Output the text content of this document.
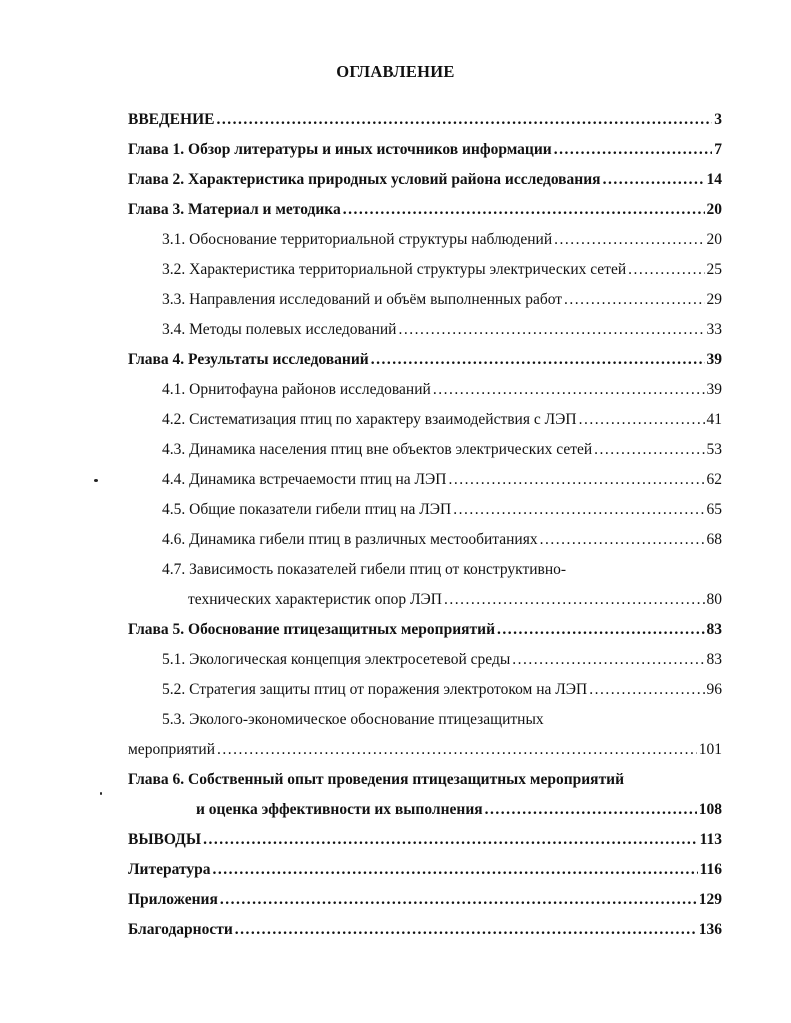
ОГЛАВЛЕНИЕ
ВВЕДЕНИЕ .....	3
Глава 1. Обзор литературы и иных источников информации .....	7
Глава 2. Характеристика природных условий района исследования .....	14
Глава 3. Материал и методика .....	20
3.1. Обоснование территориальной структуры наблюдений .....	20
3.2. Характеристика территориальной структуры электрических сетей .....	25
3.3. Направления исследований и объём выполненных работ .....	29
3.4. Методы полевых исследований .....	33
Глава 4. Результаты исследований .....	39
4.1. Орнитофауна районов исследований .....	39
4.2. Систематизация птиц по характеру взаимодействия с ЛЭП .....	41
4.3. Динамика населения птиц вне объектов электрических сетей .....	53
4.4. Динамика встречаемости птиц на ЛЭП .....	62
4.5. Общие показатели гибели птиц на ЛЭП .....	65
4.6. Динамика гибели птиц в различных местообитаниях .....	68
4.7. Зависимость показателей гибели птиц от конструктивно-
технических характеристик опор ЛЭП .....	80
Глава 5. Обоснование птицезащитных мероприятий .....	83
5.1. Экологическая концепция электросетевой среды .....	83
5.2. Стратегия защиты птиц от поражения электротоком на ЛЭП .....	96
5.3. Эколого-экономическое обоснование птицезащитных
мероприятий .....	101
Глава 6. Собственный опыт проведения птицезащитных мероприятий
и оценка эффективности их выполнения .....	108
ВЫВОДЫ .....	113
Литература .....	116
Приложения .....	129
Благодарности .....	136
